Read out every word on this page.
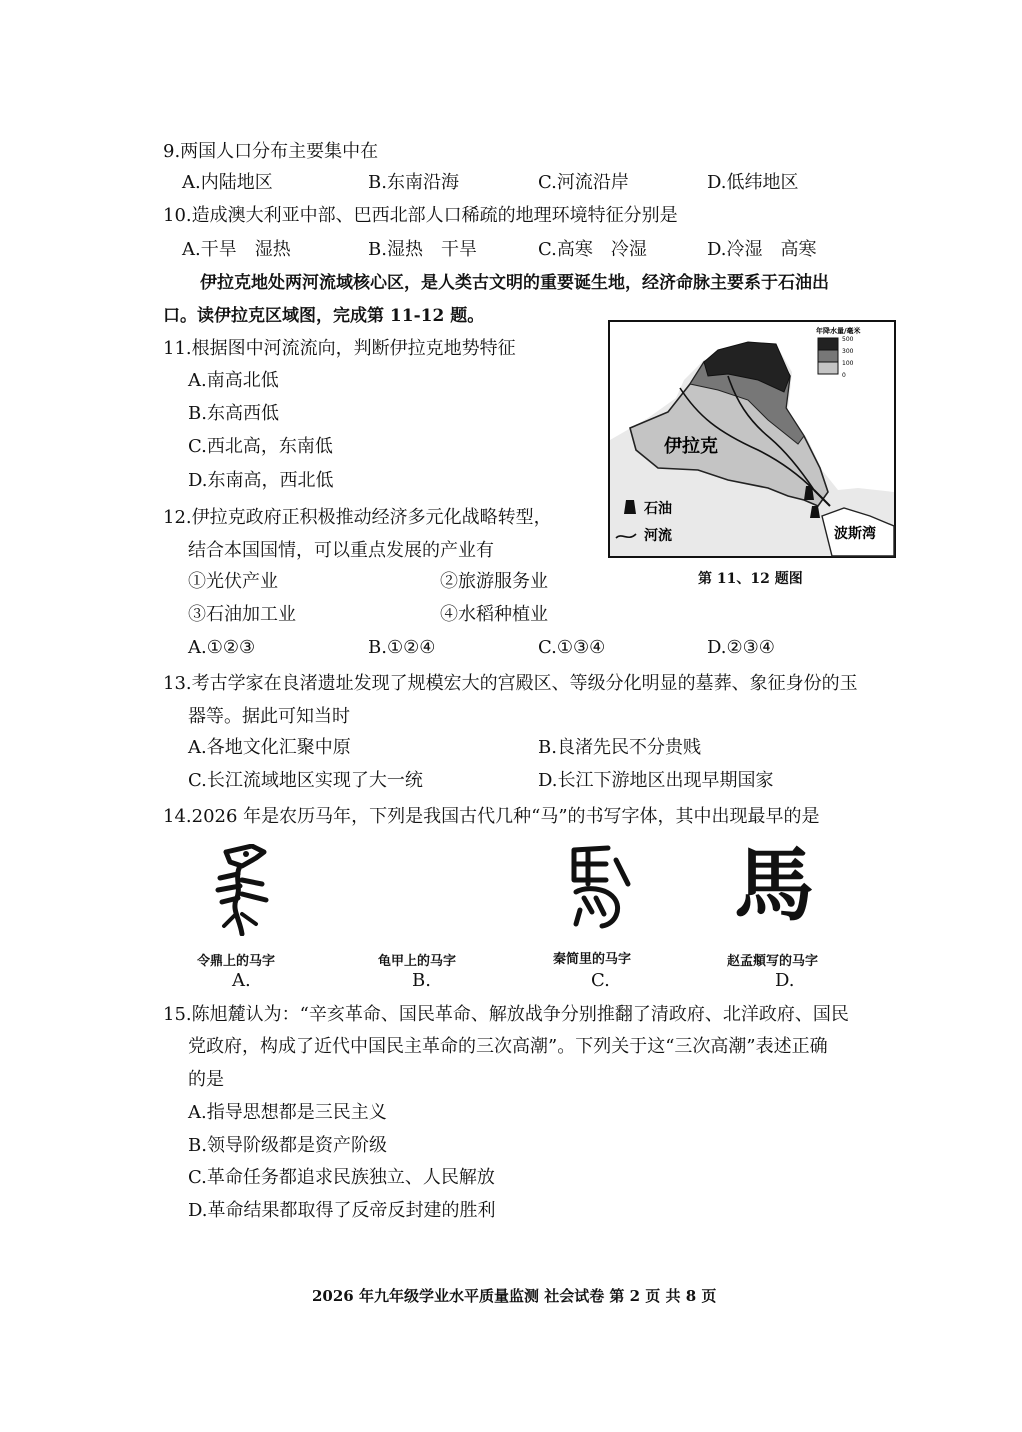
9.两国人口分布主要集中在
A.内陆地区	B.东南沿海	C.河流沿岸	D.低纬地区
10.造成澳大利亚中部、巴西北部人口稀疏的地理环境特征分别是
A.干旱　湿热	B.湿热　干旱	C.高寒　冷湿	D.冷湿　高寒
伊拉克地处两河流域核心区，是人类古文明的重要诞生地，经济命脉主要系于石油出
口。读伊拉克区域图，完成第 11-12 题。
11.根据图中河流流向，判断伊拉克地势特征
A.南高北低
B.东高西低
C.西北高，东南低
D.东南高，西北低
年降水量/毫米
500
300
100
0
石油
河流
伊拉克
波斯湾
第 11、12 题图
12.伊拉克政府正积极推动经济多元化战略转型，
结合本国国情，可以重点发展的产业有
①光伏产业	②旅游服务业
③石油加工业	④水稻种植业
A.①②③	B.①②④	C.①③④	D.②③④
13.考古学家在良渚遗址发现了规模宏大的宫殿区、等级分化明显的墓葬、象征身份的玉
器等。据此可知当时
A.各地文化汇聚中原	B.良渚先民不分贵贱
C.长江流域地区实现了大一统	D.长江下游地区出现早期国家
14.2026 年是农历马年，下列是我国古代几种“马”的书写字体，其中出现最早的是
馬
令鼎上的马字	龟甲上的马字	秦简里的马字	赵孟頫写的马字
A.	B.	C.	D.
15.陈旭麓认为：“辛亥革命、国民革命、解放战争分别推翻了清政府、北洋政府、国民
党政府，构成了近代中国民主革命的三次高潮”。下列关于这“三次高潮”表述正确
的是
A.指导思想都是三民主义
B.领导阶级都是资产阶级
C.革命任务都追求民族独立、人民解放
D.革命结果都取得了反帝反封建的胜利
2026 年九年级学业水平质量监测 社会试卷 第 2 页 共 8 页
